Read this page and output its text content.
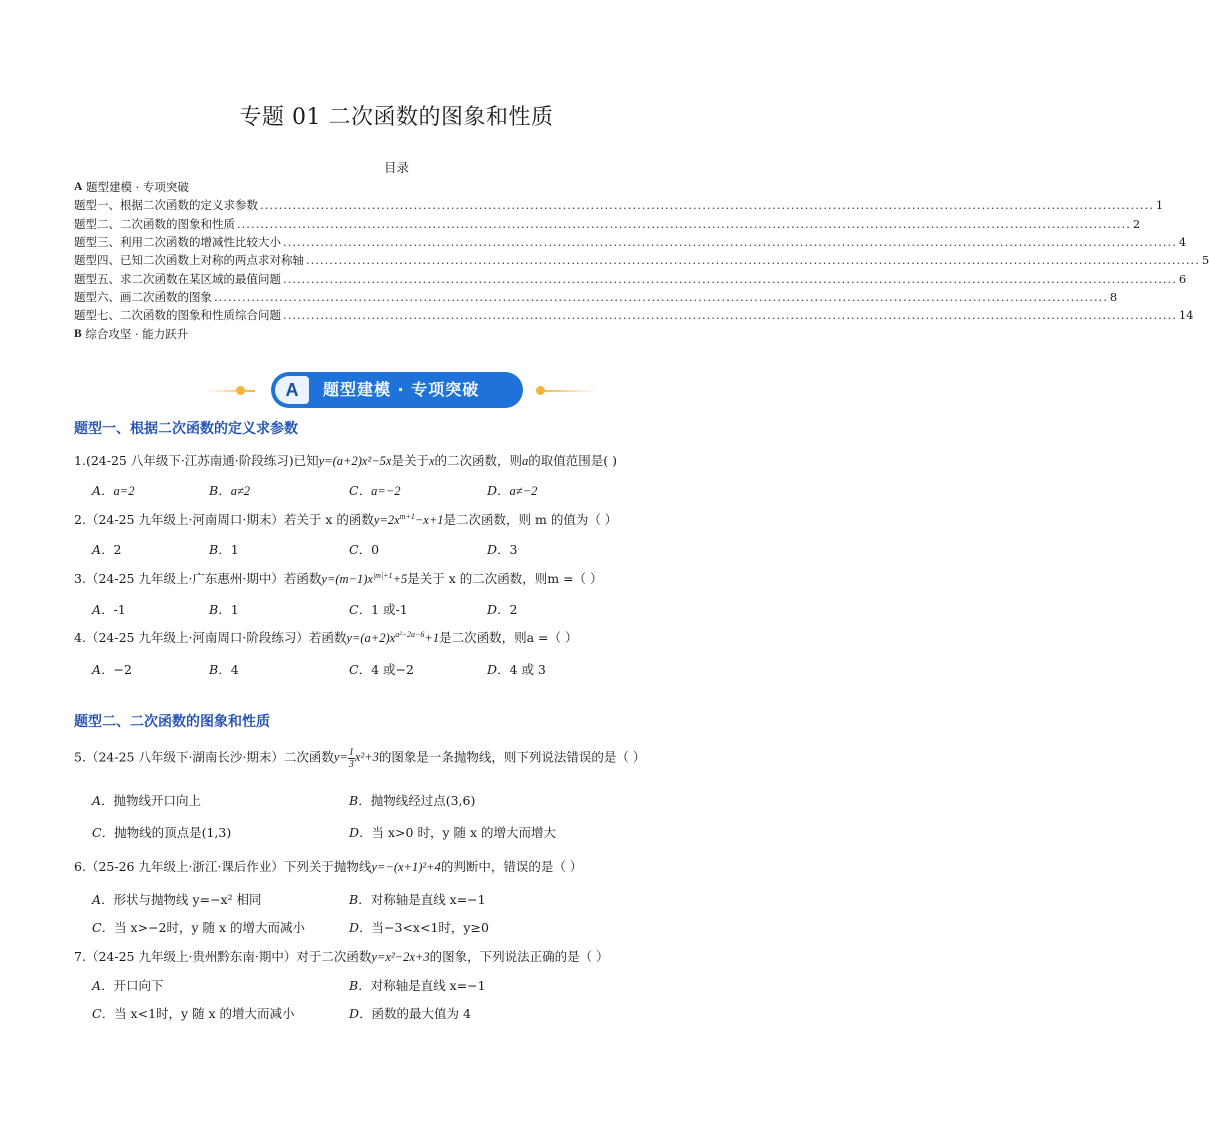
专题 01 二次函数的图象和性质
目录
A
题型建模 · 专项突破
题型一、根据二次函数的定义求参数 ................................................................................................................................................................................................ 1
题型二、二次函数的图象和性质 ................................................................................................................................................................................................ 2
题型三、利用二次函数的增减性比较大小 ................................................................................................................................................................................................ 4
题型四、已知二次函数上对称的两点求对称轴 ................................................................................................................................................................................................ 5
题型五、求二次函数在某区域的最值问题 ................................................................................................................................................................................................ 6
题型六、画二次函数的图象 ................................................................................................................................................................................................ 8
题型七、二次函数的图象和性质综合问题 ................................................................................................................................................................................................ 14
B
综合攻坚 · 能力跃升
A	题型建模 · 专项突破
题型一、根据二次函数的定义求参数
1.(24-25 八年级下·江苏南通·阶段练习)已知y=(a+2)x²−5x是关于x的二次函数，则a的取值范围是( )
A．a=2	B．a≠2	C．a=−2	D．a≠−2
2.（24-25 九年级上·河南周口·期末）若关于 x 的函数$y=2x^{m+1}-x+1$是二次函数，则 m 的值为（ ）
A．2	B．1	C．0	D．3
3.（24-25 九年级上·广东惠州·期中）若函数$y=(m-1)x^{|m|+1}+5$是关于 x 的二次函数，则m =（ ）
A．-1	B．1	C．1 或-1	D．2
4.（24-25 九年级上·河南周口·阶段练习）若函数$y=(a+2)x^{a^2-2a-6}+1$是二次函数，则a =（ ）
A．−2	B．4	C．4 或−2	D．4 或 3
题型二、二次函数的图象和性质
5.（24-25 八年级下·湖南长沙·期末）二次函数$y= \frac{1}{3} x^2+3$的图象是一条抛物线，则下列说法错误的是（ ）
A．抛物线开口向上	B．抛物线经过点(3,6)
C．抛物线的顶点是(1,3)	D．当 x>0 时，y 随 x 的增大而增大
6.（25-26 九年级上·浙江·课后作业）下列关于抛物线y=−(x+1)²+4的判断中，错误的是（ ）
A．形状与抛物线 y=−x² 相同	B．对称轴是直线 x=−1
C．当 x>−2时，y 随 x 的增大而减小	D．当−3<x<1时，y≥0
7.（24-25 九年级上·贵州黔东南·期中）对于二次函数y=x²−2x+3的图象，下列说法正确的是（ ）
A．开口向下	B．对称轴是直线 x=−1
C．当 x<1时，y 随 x 的增大而减小	D．函数的最大值为 4
